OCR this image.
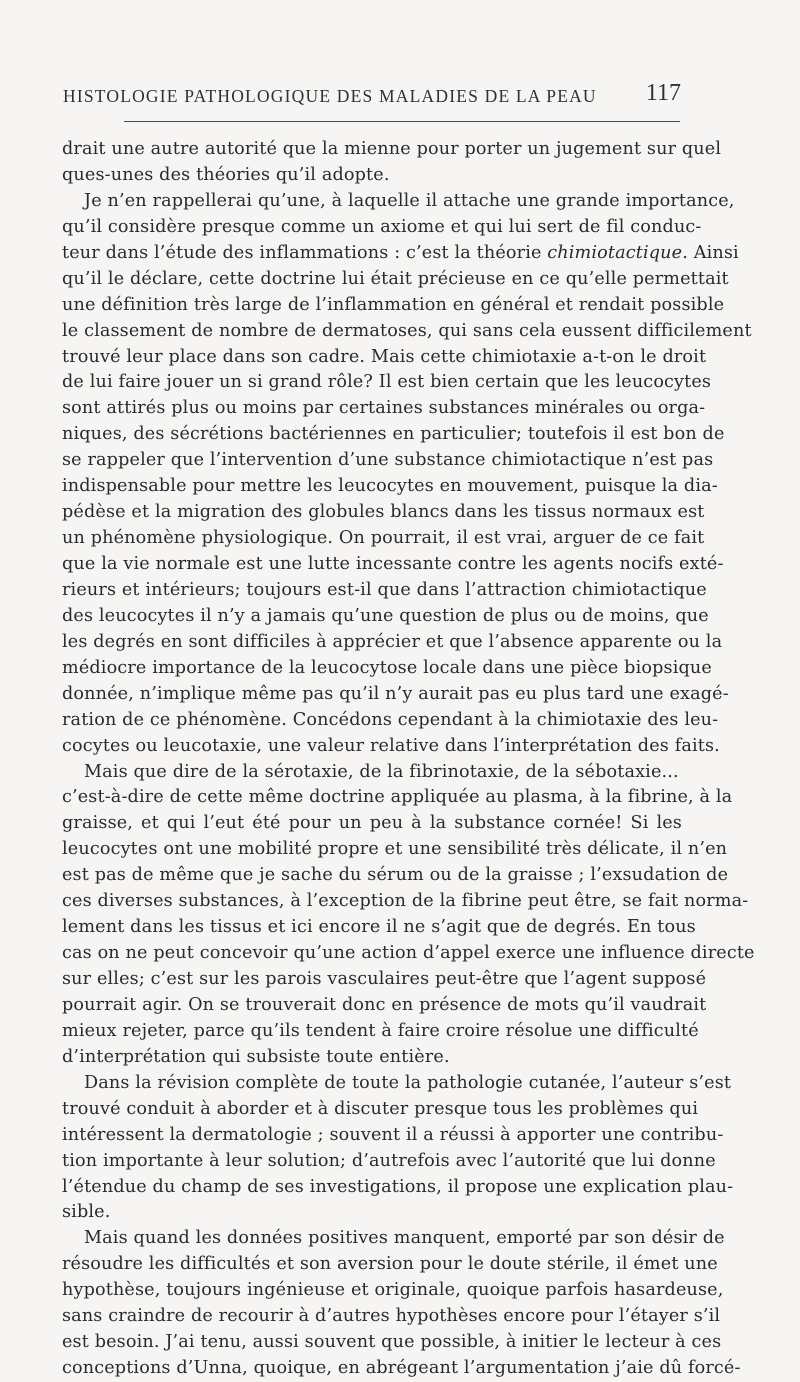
HISTOLOGIE PATHOLOGIQUE DES MALADIES DE LA PEAU 117
drait une autre autorité que la mienne pour porter un jugement sur quel
ques-unes des théories qu’il adopte.
Je n’en rappellerai qu’une, à laquelle il attache une grande importance,
qu’il considère presque comme un axiome et qui lui sert de fil conduc-
teur dans l’étude des inflammations : c’est la théorie chimiotactique. Ainsi
qu’il le déclare, cette doctrine lui était précieuse en ce qu’elle permettait
une définition très large de l’inflammation en général et rendait possible
le classement de nombre de dermatoses, qui sans cela eussent difficilement
trouvé leur place dans son cadre. Mais cette chimiotaxie a-t-on le droit
de lui faire jouer un si grand rôle? Il est bien certain que les leucocytes
sont attirés plus ou moins par certaines substances minérales ou orga-
niques, des sécrétions bactériennes en particulier; toutefois il est bon de
se rappeler que l’intervention d’une substance chimiotactique n’est pas
indispensable pour mettre les leucocytes en mouvement, puisque la dia-
pédèse et la migration des globules blancs dans les tissus normaux est
un phénomène physiologique. On pourrait, il est vrai, arguer de ce fait
que la vie normale est une lutte incessante contre les agents nocifs exté-
rieurs et intérieurs; toujours est-il que dans l’attraction chimiotactique
des leucocytes il n’y a jamais qu’une question de plus ou de moins, que
les degrés en sont difficiles à apprécier et que l’absence apparente ou la
médiocre importance de la leucocytose locale dans une pièce biopsique
donnée, n’implique même pas qu’il n’y aurait pas eu plus tard une exagé-
ration de ce phénomène. Concédons cependant à la chimiotaxie des leu-
cocytes ou leucotaxie, une valeur relative dans l’interprétation des faits.
Mais que dire de la sérotaxie, de la fibrinotaxie, de la sébotaxie...
c’est-à-dire de cette même doctrine appliquée au plasma, à la fibrine, à la
graisse, et qui l’eut été pour un peu à la substance cornée! Si les
leucocytes ont une mobilité propre et une sensibilité très délicate, il n’en
est pas de même que je sache du sérum ou de la graisse ; l’exsudation de
ces diverses substances, à l’exception de la fibrine peut être, se fait norma-
lement dans les tissus et ici encore il ne s’agit que de degrés. En tous
cas on ne peut concevoir qu’une action d’appel exerce une influence directe
sur elles; c’est sur les parois vasculaires peut-être que l’agent supposé
pourrait agir. On se trouverait donc en présence de mots qu’il vaudrait
mieux rejeter, parce qu’ils tendent à faire croire résolue une difficulté
d’interprétation qui subsiste toute entière.
Dans la révision complète de toute la pathologie cutanée, l’auteur s’est
trouvé conduit à aborder et à discuter presque tous les problèmes qui
intéressent la dermatologie ; souvent il a réussi à apporter une contribu-
tion importante à leur solution; d’autrefois avec l’autorité que lui donne
l’étendue du champ de ses investigations, il propose une explication plau-
sible.
Mais quand les données positives manquent, emporté par son désir de
résoudre les difficultés et son aversion pour le doute stérile, il émet une
hypothèse, toujours ingénieuse et originale, quoique parfois hasardeuse,
sans craindre de recourir à d’autres hypothèses encore pour l’étayer s’il
est besoin. J’ai tenu, aussi souvent que possible, à initier le lecteur à ces
conceptions d’Unna, quoique, en abrégeant l’argumentation j’aie dû forcé-
